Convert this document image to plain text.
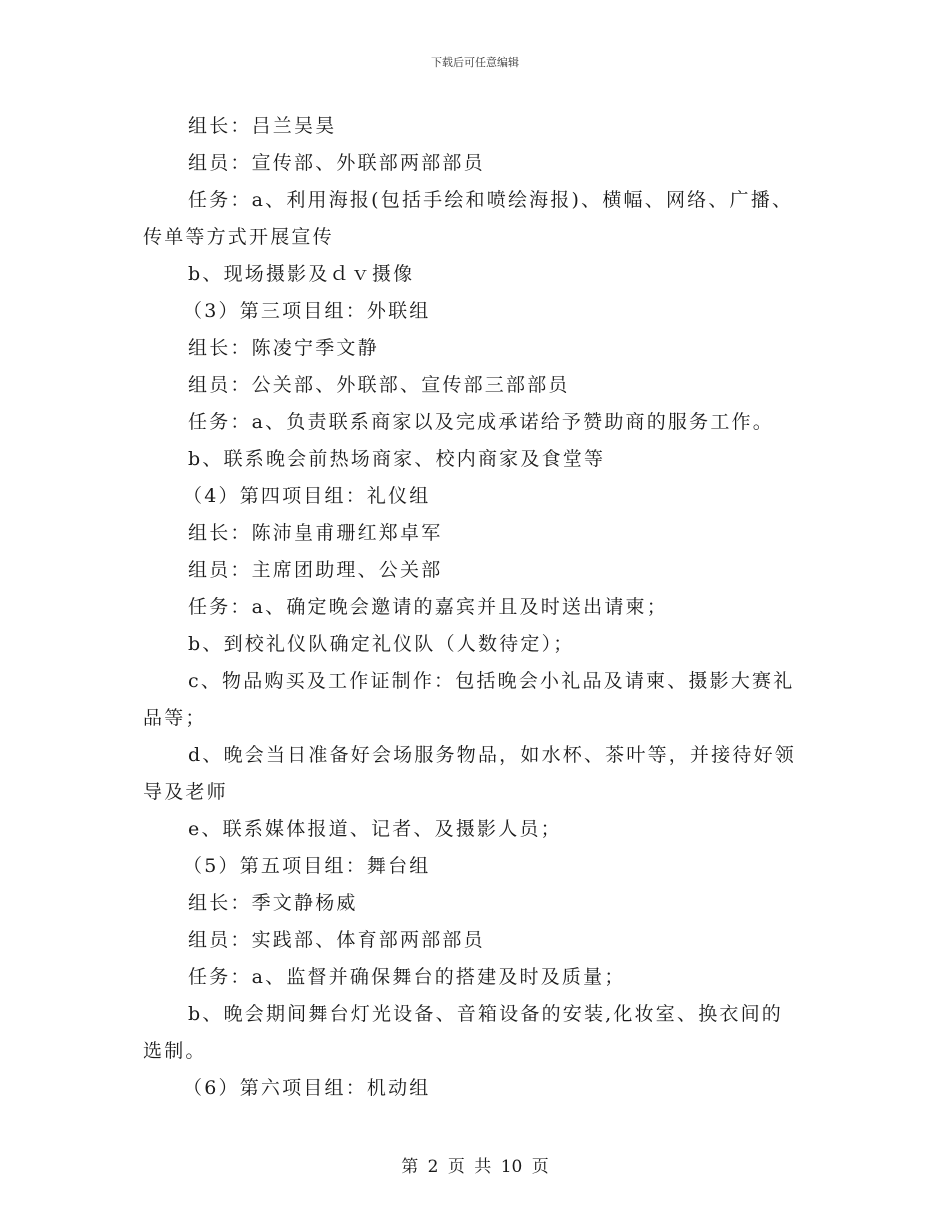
下载后可任意编辑
组长：吕兰吴昊
组员：宣传部、外联部两部部员
任务：a、利用海报(包括手绘和喷绘海报)、横幅、网络、广播、
传单等方式开展宣传
b、现场摄影及ｄｖ摄像
（3）第三项目组：外联组
组长：陈凌宁季文静
组员：公关部、外联部、宣传部三部部员
任务：a、负责联系商家以及完成承诺给予赞助商的服务工作。
b、联系晚会前热场商家、校内商家及食堂等
（4）第四项目组：礼仪组
组长：陈沛皇甫珊红郑卓军
组员：主席团助理、公关部
任务：a、确定晚会邀请的嘉宾并且及时送出请柬；
b、到校礼仪队确定礼仪队（人数待定）；
c、物品购买及工作证制作：包括晚会小礼品及请柬、摄影大赛礼
品等；
d、晚会当日准备好会场服务物品，如水杯、茶叶等，并接待好领
导及老师
e、联系媒体报道、记者、及摄影人员；
（5）第五项目组：舞台组
组长：季文静杨威
组员：实践部、体育部两部部员
任务：a、监督并确保舞台的搭建及时及质量；
b、晚会期间舞台灯光设备、音箱设备的安装,化妆室、换衣间的
选制。
（6）第六项目组：机动组
第 2 页 共 10 页
